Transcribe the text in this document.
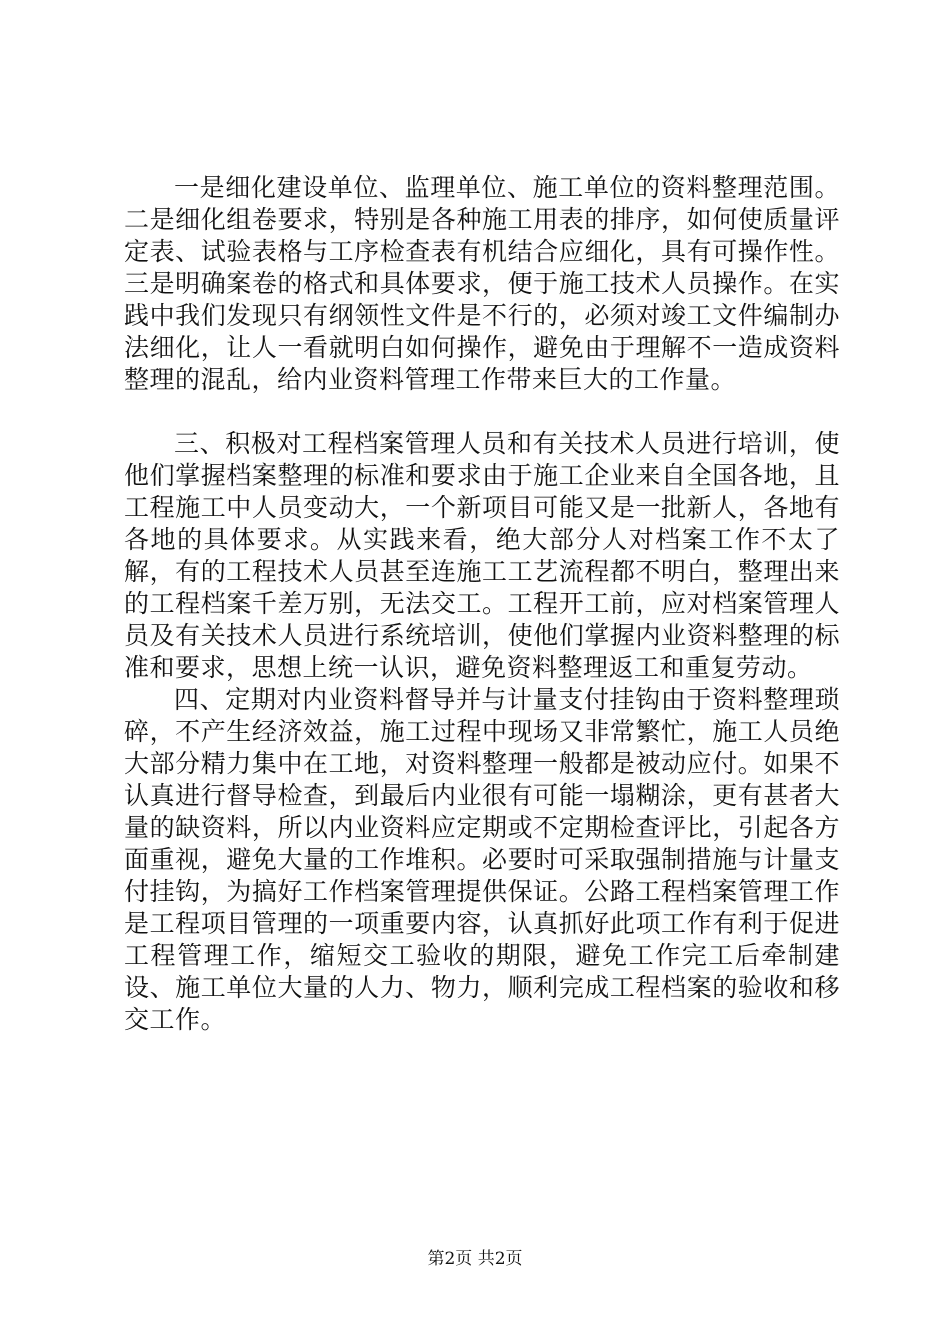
一是细化建设单位、监理单位、施工单位的资料整理范围。二是细化组卷要求，特别是各种施工用表的排序，如何使质量评定表、试验表格与工序检查表有机结合应细化，具有可操作性。三是明确案卷的格式和具体要求，便于施工技术人员操作。在实践中我们发现只有纲领性文件是不行的，必须对竣工文件编制办法细化，让人一看就明白如何操作，避免由于理解不一造成资料整理的混乱，给内业资料管理工作带来巨大的工作量。

三、积极对工程档案管理人员和有关技术人员进行培训，使他们掌握档案整理的标准和要求由于施工企业来自全国各地，且工程施工中人员变动大，一个新项目可能又是一批新人，各地有各地的具体要求。从实践来看，绝大部分人对档案工作不太了解，有的工程技术人员甚至连施工工艺流程都不明白，整理出来的工程档案千差万别，无法交工。工程开工前，应对档案管理人员及有关技术人员进行系统培训，使他们掌握内业资料整理的标准和要求，思想上统一认识，避免资料整理返工和重复劳动。

四、定期对内业资料督导并与计量支付挂钩由于资料整理琐碎，不产生经济效益，施工过程中现场又非常繁忙，施工人员绝大部分精力集中在工地，对资料整理一般都是被动应付。如果不认真进行督导检查，到最后内业很有可能一塌糊涂，更有甚者大量的缺资料，所以内业资料应定期或不定期检查评比，引起各方面重视，避免大量的工作堆积。必要时可采取强制措施与计量支付挂钩，为搞好工作档案管理提供保证。公路工程档案管理工作是工程项目管理的一项重要内容，认真抓好此项工作有利于促进工程管理工作，缩短交工验收的期限，避免工作完工后牵制建设、施工单位大量的人力、物力，顺利完成工程档案的验收和移交工作。

第2页 共2页
